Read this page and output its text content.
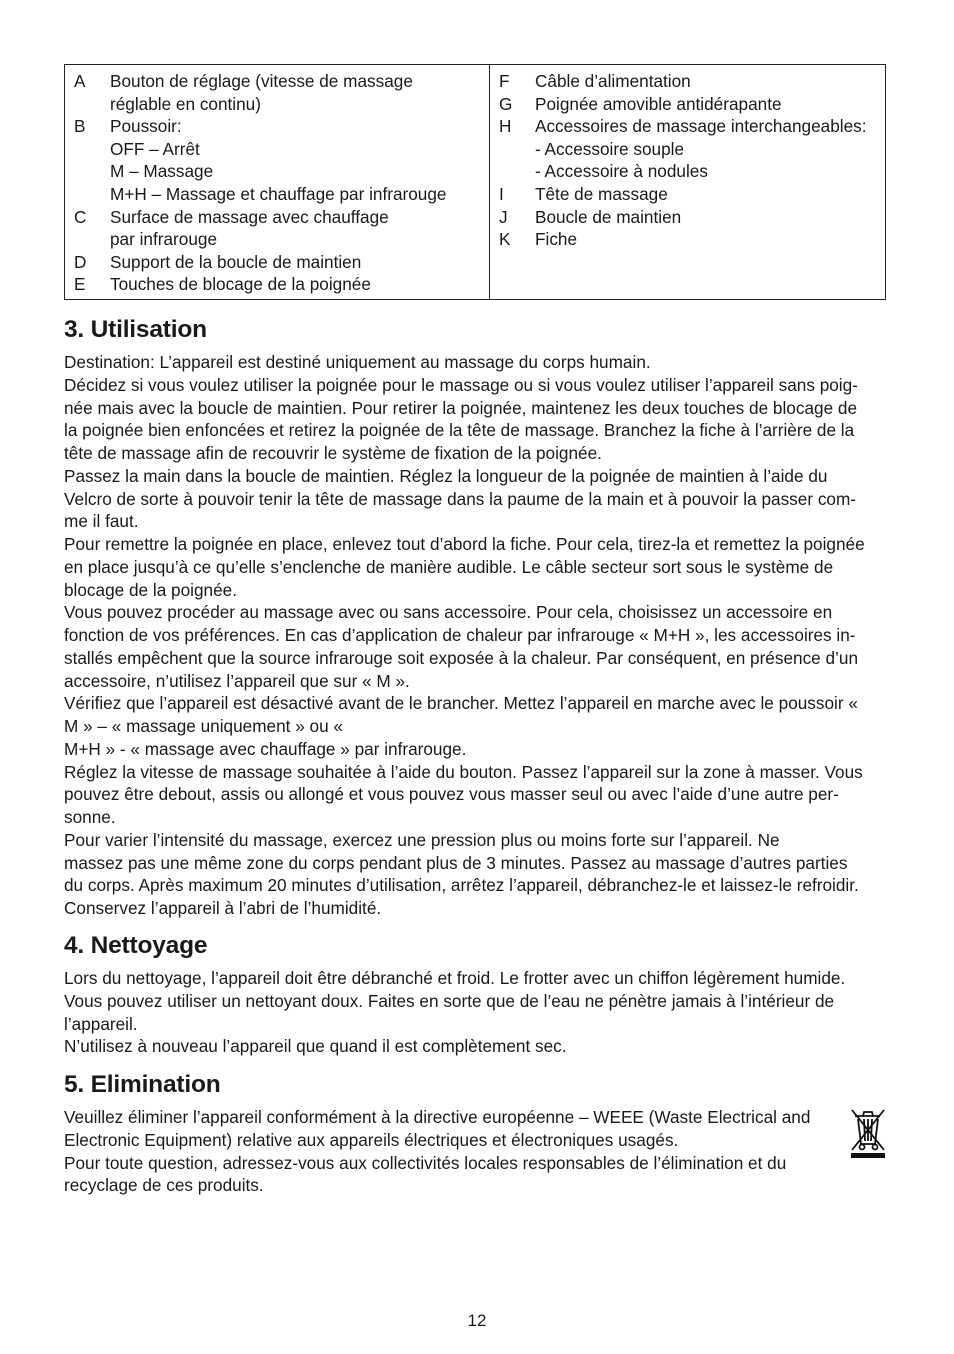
A	Bouton de réglage (vitesse de massage
réglable en continu)
B	Poussoir:
OFF – Arrêt
M – Massage
M+H – Massage et chauffage par infrarouge
C	Surface de massage avec chauffage
par infrarouge
D	Support de la boucle de maintien
E	Touches de blocage de la poignée
F	Câble d’alimentation
G	Poignée amovible antidérapante
H	Accessoires de massage interchangeables:
- Accessoire souple
- Accessoire à nodules
I	Tête de massage
J	Boucle de maintien
K	Fiche
3. Utilisation
Destination: L’appareil est destiné uniquement au massage du corps humain.
Décidez si vous voulez utiliser la poignée pour le massage ou si vous voulez utiliser l’appareil sans poig-
née mais avec la boucle de maintien. Pour retirer la poignée, maintenez les deux touches de blocage de
la poignée bien enfoncées et retirez la poignée de la tête de massage. Branchez la fiche à l’arrière de la
tête de massage afin de recouvrir le système de fixation de la poignée.
Passez la main dans la boucle de maintien. Réglez la longueur de la poignée de maintien à l’aide du
Velcro de sorte à pouvoir tenir la tête de massage dans la paume de la main et à pouvoir la passer com-
me il faut.
Pour remettre la poignée en place, enlevez tout d’abord la fiche. Pour cela, tirez-la et remettez la poignée
en place jusqu’à ce qu’elle s’enclenche de manière audible. Le câble secteur sort sous le système de
blocage de la poignée.
Vous pouvez procéder au massage avec ou sans accessoire. Pour cela, choisissez un accessoire en
fonction de vos préférences. En cas d’application de chaleur par infrarouge « M+H », les accessoires in-
stallés empêchent que la source infrarouge soit exposée à la chaleur. Par conséquent, en présence d’un
accessoire, n’utilisez l’appareil que sur « M ».
Vérifiez que l’appareil est désactivé avant de le brancher. Mettez l’appareil en marche avec le poussoir «
M » – « massage uniquement » ou «
M+H » - « massage avec chauffage » par infrarouge.
Réglez la vitesse de massage souhaitée à l’aide du bouton. Passez l’appareil sur la zone à masser. Vous
pouvez être debout, assis ou allongé et vous pouvez vous masser seul ou avec l’aide d’une autre per-
sonne.
Pour varier l’intensité du massage, exercez une pression plus ou moins forte sur l’appareil. Ne
massez pas une même zone du corps pendant plus de 3 minutes. Passez au massage d’autres parties
du corps. Après maximum 20 minutes d’utilisation, arrêtez l’appareil, débranchez-le et laissez-le refroidir.
Conservez l’appareil à l’abri de l’humidité.
4. Nettoyage
Lors du nettoyage, l’appareil doit être débranché et froid. Le frotter avec un chiffon légèrement humide.
Vous pouvez utiliser un nettoyant doux. Faites en sorte que de l’eau ne pénètre jamais à l’intérieur de
l’appareil.
N’utilisez à nouveau l’appareil que quand il est complètement sec.
5. Elimination
Veuillez éliminer l’appareil conformément à la directive européenne – WEEE (Waste Electrical and
Electronic Equipment) relative aux appareils électriques et électroniques usagés.
Pour toute question, adressez-vous aux collectivités locales responsables de l’élimination et du
recyclage de ces produits.
12
